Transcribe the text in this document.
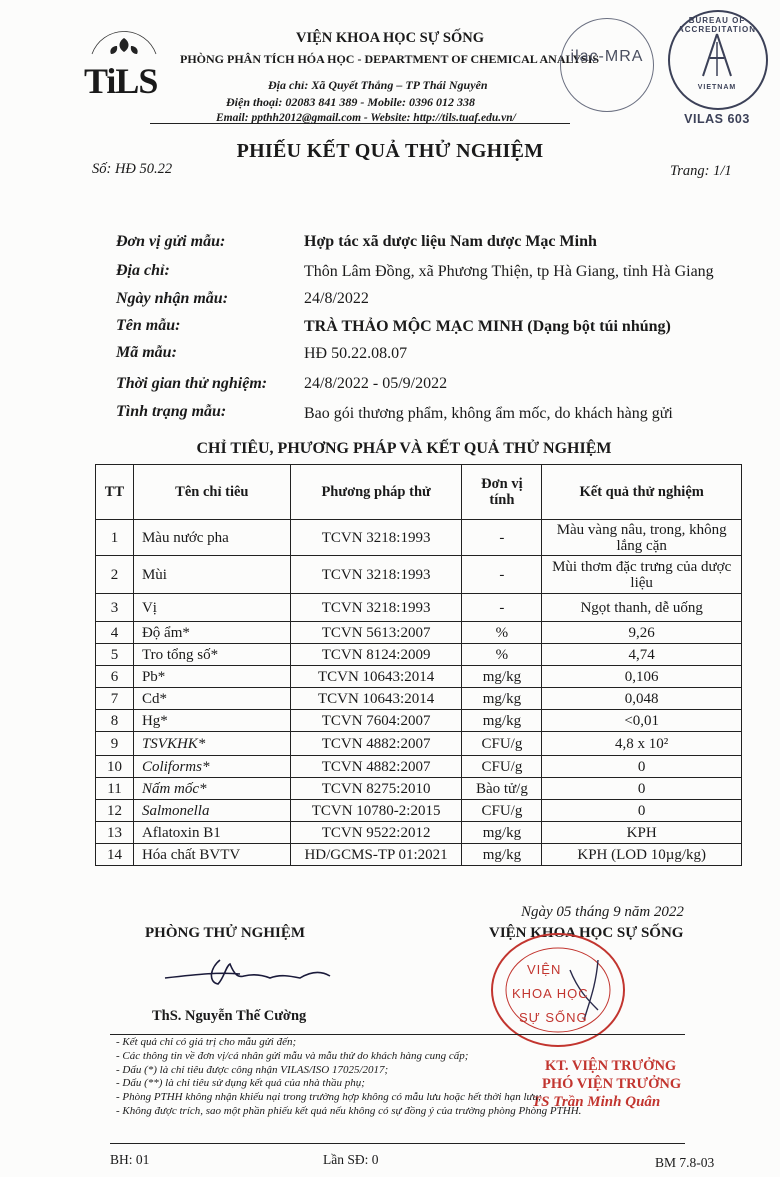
TiLS
VIỆN KHOA HỌC SỰ SỐNG
PHÒNG PHÂN TÍCH HÓA HỌC - DEPARTMENT OF CHEMICAL ANALYSIS
Địa chỉ: Xã Quyết Thắng – TP Thái Nguyên
Điện thoại: 02083 841 389 - Mobile: 0396 012 338
Email: ppthh2012@gmail.com - Website: http://tils.tuaf.edu.vn/
ilac-MRA
BUREAU OF ACCREDITATION
VIETNAM
VILAS 603
PHIẾU KẾT QUẢ THỬ NGHIỆM
Số: HĐ 50.22	Trang: 1/1
Đơn vị gửi mẫu:	Hợp tác xã dược liệu Nam dược Mạc Minh
Địa chỉ:	Thôn Lâm Đồng, xã Phương Thiện, tp Hà Giang, tỉnh Hà Giang
Ngày nhận mẫu:	24/8/2022
Tên mẫu:	TRÀ THẢO MỘC MẠC MINH (Dạng bột túi nhúng)
Mã mẫu:	HĐ 50.22.08.07
Thời gian thử nghiệm: 24/8/2022 - 05/9/2022
Tình trạng mẫu:	Bao gói thương phẩm, không ẩm mốc, do khách hàng gửi
CHỈ TIÊU, PHƯƠNG PHÁP VÀ KẾT QUẢ THỬ NGHIỆM
TT	Tên chỉ tiêu	Phương pháp thử	Đơn vị tính	Kết quả thử nghiệm
1	Màu nước pha	TCVN 3218:1993	-	Màu vàng nâu, trong, không lắng cặn
2	Mùi	TCVN 3218:1993	-	Mùi thơm đặc trưng của dược liệu
3	Vị	TCVN 3218:1993	-	Ngọt thanh, dễ uống
4	Độ ẩm*	TCVN 5613:2007	%	9,26
5	Tro tổng số*	TCVN 8124:2009	%	4,74
6	Pb*	TCVN 10643:2014	mg/kg	0,106
7	Cd*	TCVN 10643:2014	mg/kg	0,048
8	Hg*	TCVN 7604:2007	mg/kg	<0,01
9	TSVKHK*	TCVN 4882:2007	CFU/g	4,8 x 10²
10	Coliforms*	TCVN 4882:2007	CFU/g	0
11	Nấm mốc*	TCVN 8275:2010	Bào tử/g	0
12	Salmonella	TCVN 10780-2:2015	CFU/g	0
13	Aflatoxin B1	TCVN 9522:2012	mg/kg	KPH
14	Hóa chất BVTV	HD/GCMS-TP 01:2021	mg/kg	KPH (LOD 10µg/kg)
Ngày 05 tháng 9 năm 2022
PHÒNG THỬ NGHIỆM	VIỆN KHOA HỌC SỰ SỐNG
ThS. Nguyễn Thế Cường
VIỆN
KHOA HỌC
SỰ SỐNG
KT. VIỆN TRƯỞNG
PHÓ VIỆN TRƯỞNG
TS Trần Minh Quân
- Kết quả chỉ có giá trị cho mẫu gửi đến;
- Các thông tin về đơn vị/cá nhân gửi mẫu và mẫu thử do khách hàng cung cấp;
- Dấu (*) là chỉ tiêu được công nhận VILAS/ISO 17025/2017;
- Dấu (**) là chỉ tiêu sử dụng kết quả của nhà thầu phụ;
- Phòng PTHH không nhận khiếu nại trong trường hợp không có mẫu lưu hoặc hết thời hạn lưu;
- Không được trích, sao một phần phiếu kết quả nếu không có sự đồng ý của trường phòng Phòng PTHH.
BH: 01	Lần SĐ: 0	BM 7.8-03
